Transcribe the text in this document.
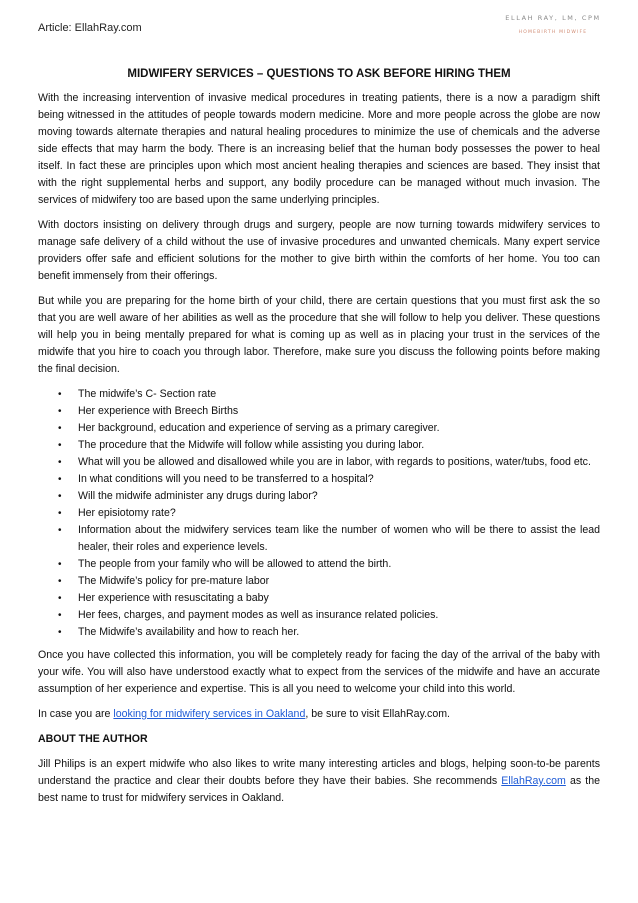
Article: EllahRay.com
ELLAH RAY, LM, CPM
HOMEBIRTH MIDWIFE
MIDWIFERY SERVICES – QUESTIONS TO ASK BEFORE HIRING THEM

With the increasing intervention of invasive medical procedures in treating patients, there is a now a paradigm shift being witnessed in the attitudes of people towards modern medicine. More and more people across the globe are now moving towards alternate therapies and natural healing procedures to minimize the use of chemicals and the adverse side effects that may harm the body. There is an increasing belief that the human body possesses the power to heal itself. In fact these are principles upon which most ancient healing therapies and sciences are based. They insist that with the right supplemental herbs and support, any bodily procedure can be managed without much invasion. The services of midwifery too are based upon the same underlying principles.

With doctors insisting on delivery through drugs and surgery, people are now turning towards midwifery services to manage safe delivery of a child without the use of invasive procedures and unwanted chemicals. Many expert service providers offer safe and efficient solutions for the mother to give birth within the comforts of her home. You too can benefit immensely from their offerings.

But while you are preparing for the home birth of your child, there are certain questions that you must first ask the so that you are well aware of her abilities as well as the procedure that she will follow to help you deliver. These questions will help you in being mentally prepared for what is coming up as well as in placing your trust in the services of the midwife that you hire to coach you through labor. Therefore, make sure you discuss the following points before making the final decision.

• The midwife’s C- Section rate
• Her experience with Breech Births
• Her background, education and experience of serving as a primary caregiver.
• The procedure that the Midwife will follow while assisting you during labor.
• What will you be allowed and disallowed while you are in labor, with regards to positions, water/tubs, food etc.
• In what conditions will you need to be transferred to a hospital?
• Will the midwife administer any drugs during labor?
• Her episiotomy rate?
• Information about the midwifery services team like the number of women who will be there to assist the lead healer, their roles and experience levels.
• The people from your family who will be allowed to attend the birth.
• The Midwife’s policy for pre-mature labor
• Her experience with resuscitating a baby
• Her fees, charges, and payment modes as well as insurance related policies.
• The Midwife’s availability and how to reach her.

Once you have collected this information, you will be completely ready for facing the day of the arrival of the baby with your wife. You will also have understood exactly what to expect from the services of the midwife and have an accurate assumption of her experience and expertise. This is all you need to welcome your child into this world.

In case you are looking for midwifery services in Oakland, be sure to visit EllahRay.com.

ABOUT THE AUTHOR

Jill Philips is an expert midwife who also likes to write many interesting articles and blogs, helping soon-to-be parents understand the practice and clear their doubts before they have their babies. She recommends EllahRay.com as the best name to trust for midwifery services in Oakland.
